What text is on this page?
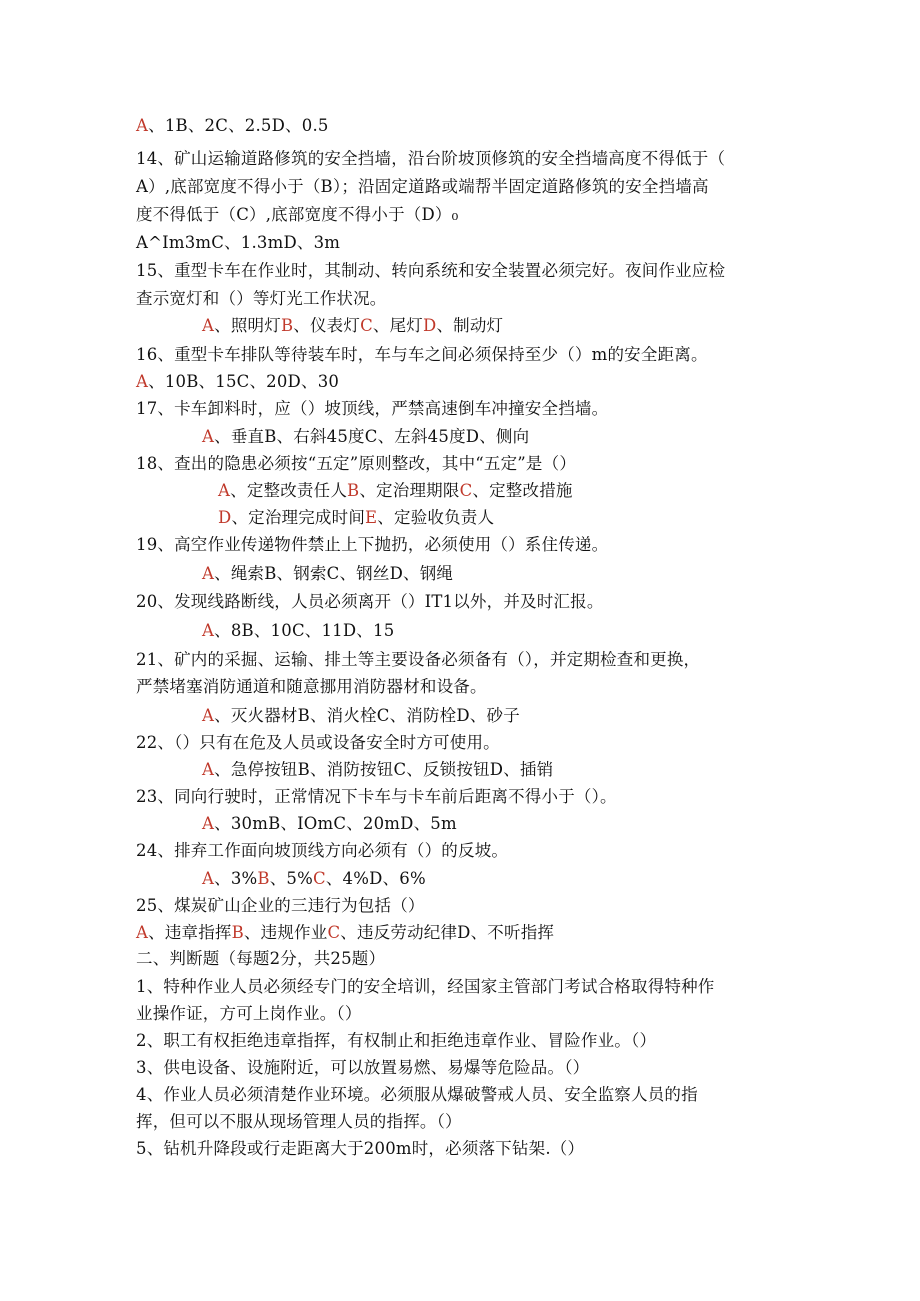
A、1B、2C、2.5D、0.5
14、矿山运输道路修筑的安全挡墙，沿台阶坡顶修筑的安全挡墙高度不得低于（
A）,底部宽度不得小于（B）；沿固定道路或端帮半固定道路修筑的安全挡墙高
度不得低于（C）,底部宽度不得小于（D）₀
A^Im3mC、1.3mD、3m
15、重型卡车在作业时，其制动、转向系统和安全装置必须完好。夜间作业应检
查示宽灯和（）等灯光工作状况。
A、照明灯B、仪表灯C、尾灯D、制动灯
16、重型卡车排队等待装车时，车与车之间必须保持至少（）m的安全距离。
A、10B、15C、20D、30
17、卡车卸料时，应（）坡顶线，严禁高速倒车冲撞安全挡墙。
A、垂直B、右斜45度C、左斜45度D、侧向
18、查出的隐患必须按“五定”原则整改，其中“五定”是（）
A、定整改责任人B、定治理期限C、定整改措施
D、定治理完成时间E、定验收负责人
19、高空作业传递物件禁止上下抛扔，必须使用（）系住传递。
A、绳索B、钢索C、钢丝D、钢绳
20、发现线路断线，人员必须离开（）IT1以外，并及时汇报。
A、8B、10C、11D、15
21、矿内的采掘、运输、排土等主要设备必须备有（），并定期检查和更换，
严禁堵塞消防通道和随意挪用消防器材和设备。
A、灭火器材B、消火栓C、消防栓D、砂子
22、（）只有在危及人员或设备安全时方可使用。
A、急停按钮B、消防按钮C、反锁按钮D、插销
23、同向行驶时，正常情况下卡车与卡车前后距离不得小于（）。
A、30mB、IOmC、20mD、5m
24、排弃工作面向坡顶线方向必须有（）的反坡。
A、3%B、5%C、4%D、6%
25、煤炭矿山企业的三违行为包括（）
A、违章指挥B、违规作业C、违反劳动纪律D、不听指挥
二、判断题（每题2分，共25题）
1、特种作业人员必须经专门的安全培训，经国家主管部门考试合格取得特种作
业操作证，方可上岗作业。（）
2、职工有权拒绝违章指挥，有权制止和拒绝违章作业、冒险作业。（）
3、供电设备、设施附近，可以放置易燃、易爆等危险品。（）
4、作业人员必须清楚作业环境。必须服从爆破警戒人员、安全监察人员的指
挥，但可以不服从现场管理人员的指挥。（）
5、钻机升降段或行走距离大于200m时，必须落下钻架.（）
